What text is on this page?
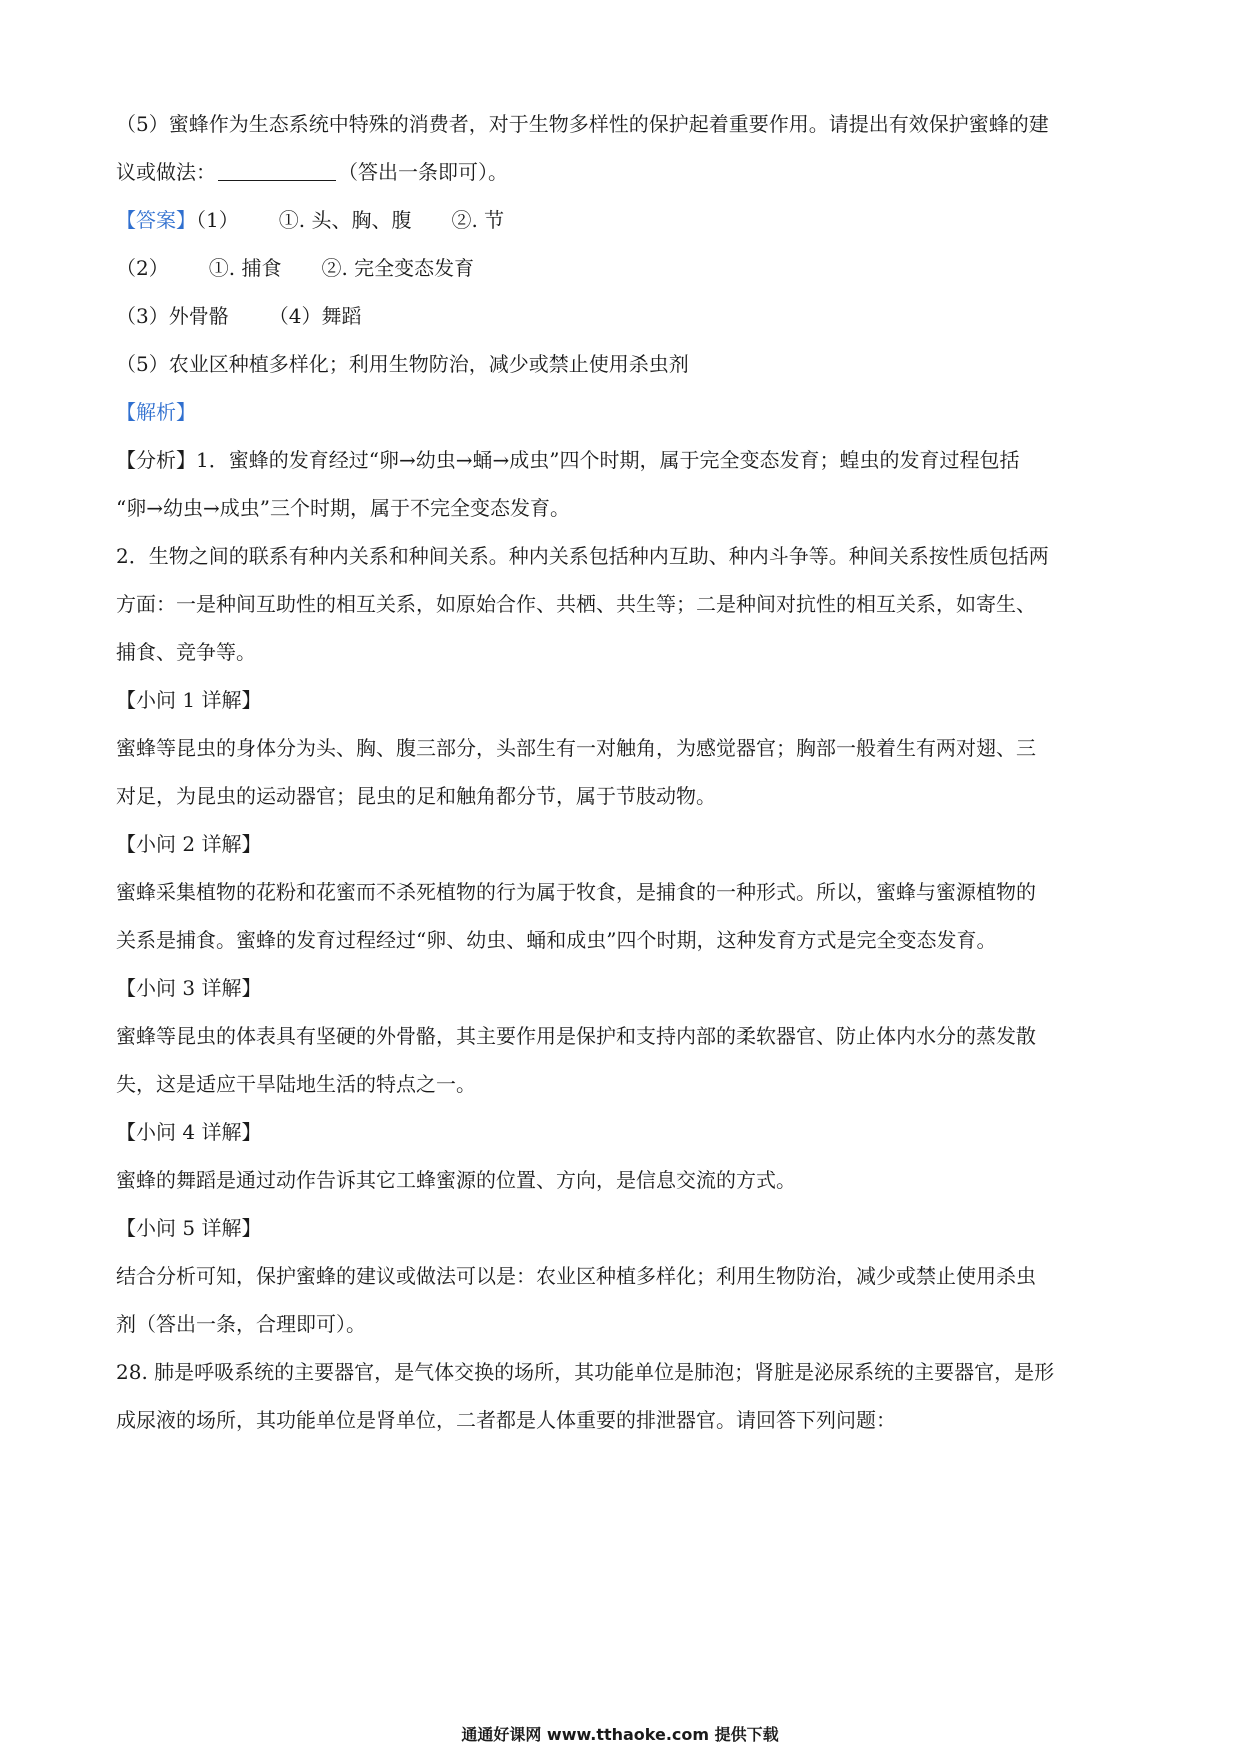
（5）蜜蜂作为生态系统中特殊的消费者，对于生物多样性的保护起着重要作用。请提出有效保护蜜蜂的建
议或做法：	（答出一条即可）。
【答案】（1） ①. 头、胸、腹 ②. 节
（2） ①. 捕食 ②. 完全变态发育
（3）外骨骼 （4）舞蹈
（5）农业区种植多样化；利用生物防治，减少或禁止使用杀虫剂
【解析】
【分析】1．蜜蜂的发育经过“卵→幼虫→蛹→成虫”四个时期，属于完全变态发育；蝗虫的发育过程包括
“卵→幼虫→成虫”三个时期，属于不完全变态发育。
2．生物之间的联系有种内关系和种间关系。种内关系包括种内互助、种内斗争等。种间关系按性质包括两
方面：一是种间互助性的相互关系，如原始合作、共栖、共生等；二是种间对抗性的相互关系，如寄生、
捕食、竞争等。
【小问 1 详解】
蜜蜂等昆虫的身体分为头、胸、腹三部分，头部生有一对触角，为感觉器官；胸部一般着生有两对翅、三
对足，为昆虫的运动器官；昆虫的足和触角都分节，属于节肢动物。
【小问 2 详解】
蜜蜂采集植物的花粉和花蜜而不杀死植物的行为属于牧食，是捕食的一种形式。所以，蜜蜂与蜜源植物的
关系是捕食。蜜蜂的发育过程经过“卵、幼虫、蛹和成虫”四个时期，这种发育方式是完全变态发育。
【小问 3 详解】
蜜蜂等昆虫的体表具有坚硬的外骨骼，其主要作用是保护和支持内部的柔软器官、防止体内水分的蒸发散
失，这是适应干旱陆地生活的特点之一。
【小问 4 详解】
蜜蜂的舞蹈是通过动作告诉其它工蜂蜜源的位置、方向，是信息交流的方式。
【小问 5 详解】
结合分析可知，保护蜜蜂的建议或做法可以是：农业区种植多样化；利用生物防治，减少或禁止使用杀虫
剂（答出一条，合理即可）。
28. 肺是呼吸系统的主要器官，是气体交换的场所，其功能单位是肺泡；肾脏是泌尿系统的主要器官，是形
成尿液的场所，其功能单位是肾单位，二者都是人体重要的排泄器官。请回答下列问题：
通通好课网 www.tthaoke.com 提供下载
